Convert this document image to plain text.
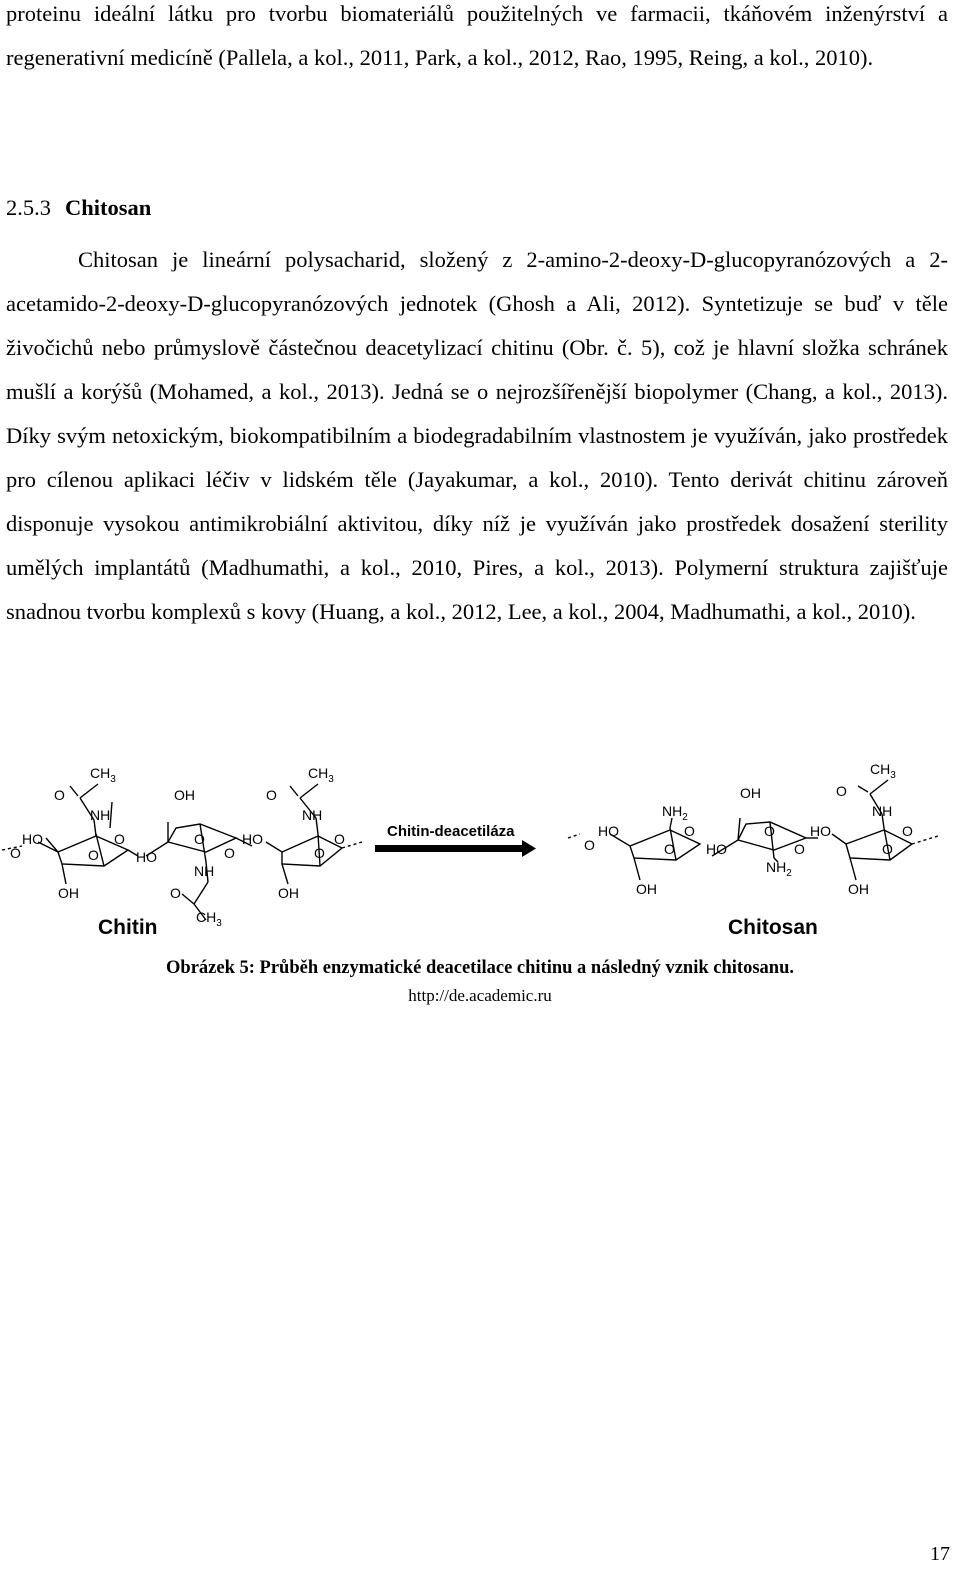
proteinu ideální látku pro tvorbu biomateriálů použitelných ve farmacii, tkáňovém inženýrství a regenerativní medicíně (Pallela, a kol., 2011, Park, a kol., 2012, Rao, 1995, Reing, a kol., 2010).

2.5.3 Chitosan

Chitosan je lineární polysacharid, složený z 2-amino-2-deoxy-D-glucopyranózových a 2-acetamido-2-deoxy-D-glucopyranózových jednotek (Ghosh a Ali, 2012). Syntetizuje se buď v těle živočichů nebo průmyslově částečnou deacetylizací chitinu (Obr. č. 5), což je hlavní složka schránek mušlí a korýšů (Mohamed, a kol., 2013). Jedná se o nejrozšířenější biopolymer (Chang, a kol., 2013). Díky svým netoxickým, biokompatibilním a biodegradabilním vlastnostem je využíván, jako prostředek pro cílenou aplikaci léčiv v lidském těle (Jayakumar, a kol., 2010). Tento derivát chitinu zároveň disponuje vysokou antimikrobiální aktivitou, díky níž je využíván jako prostředek dosažení sterility umělých implantátů (Madhumathi, a kol., 2010, Pires, a kol., 2013). Polymerní struktura zajišťuje snadnou tvorbu komplexů s kovy (Huang, a kol., 2012, Lee, a kol., 2004, Madhumathi, a kol., 2010).

Chitin-deacetiláza
$CH_3$
O
NH
OH
HO	O
O	O	HO
OH
O
NH
O
$CH_3$
O
$CH_3$
O
NH
HO	O
O
OH
OH
$NH_2$
HO	O
O	O HO
OH
O
$NH_2$
O
$CH_3$
O
NH
HO	O
O
OH
Chitin	Chitosan

Obrázek 5: Průběh enzymatické deacetilace chitinu a následný vznik chitosanu.

http://de.academic.ru

17
